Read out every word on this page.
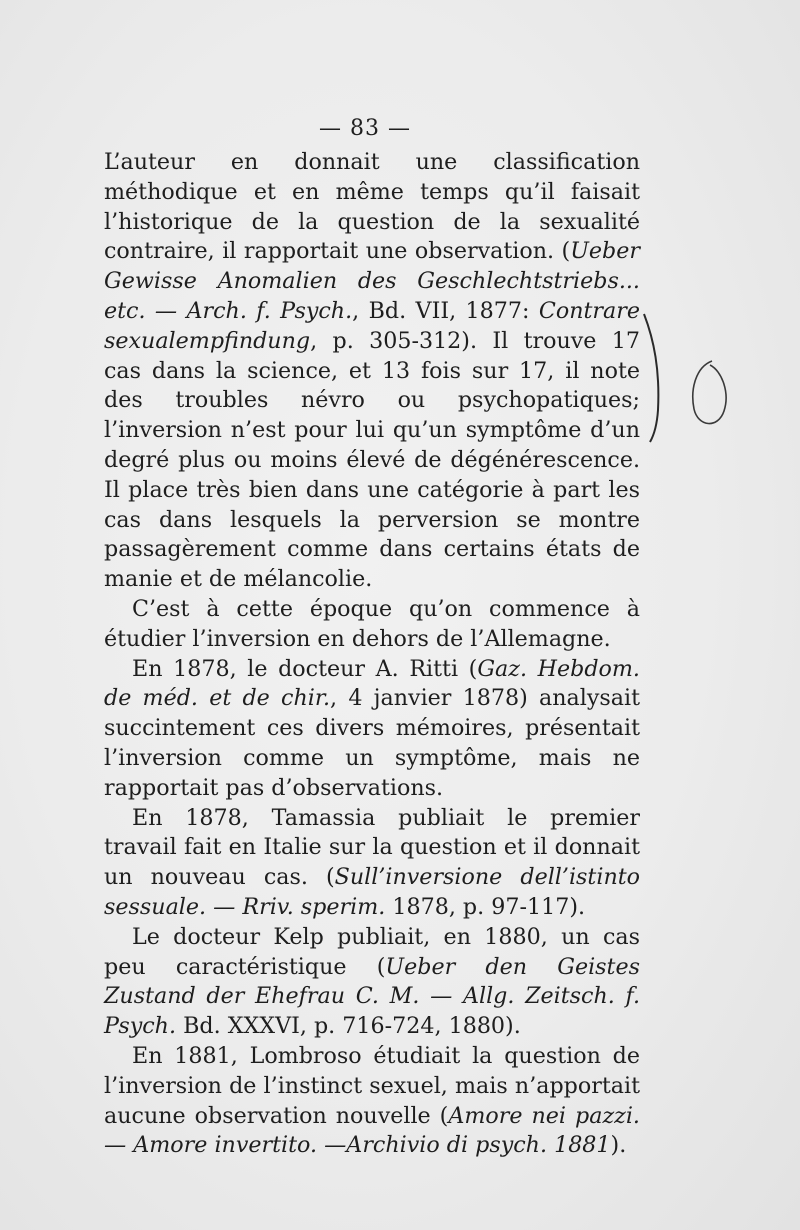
— 83 —

L’auteur en donnait une classification méthodique et en même temps qu’il faisait l’historique de la question de la sexualité contraire, il rapportait une observation. (Ueber Gewisse Anomalien des Geschlechtstriebs... etc. — Arch. f. Psych., Bd. VII, 1877: Contrare sexualempfindung, p. 305-312). Il trouve 17 cas dans la science, et 13 fois sur 17, il note des troubles névro ou psychopatiques; l’inversion n’est pour lui qu’un symptôme d’un degré plus ou moins élevé de dégénérescence. Il place très bien dans une catégorie à part les cas dans lesquels la perversion se montre passagèrement comme dans certains états de manie et de mélancolie.

C’est à cette époque qu’on commence à étudier l’inversion en dehors de l’Allemagne.

En 1878, le docteur A. Ritti (Gaz. Hebdom. de méd. et de chir., 4 janvier 1878) analysait succintement ces divers mémoires, présentait l’inversion comme un symptôme, mais ne rapportait pas d’observations.

En 1878, Tamassia publiait le premier travail fait en Italie sur la question et il donnait un nouveau cas. (Sull’inversione dell’istinto sessuale. — Rriv. sperim. 1878, p. 97-117).

Le docteur Kelp publiait, en 1880, un cas peu caractéristique (Ueber den Geistes Zustand der Ehefrau C. M. — Allg. Zeitsch. f. Psych. Bd. XXXVI, p. 716-724, 1880).

En 1881, Lombroso étudiait la question de l’inversion de l’instinct sexuel, mais n’apportait aucune observation nouvelle (Amore nei pazzi. — Amore invertito. —Archivio di psych. 1881).
